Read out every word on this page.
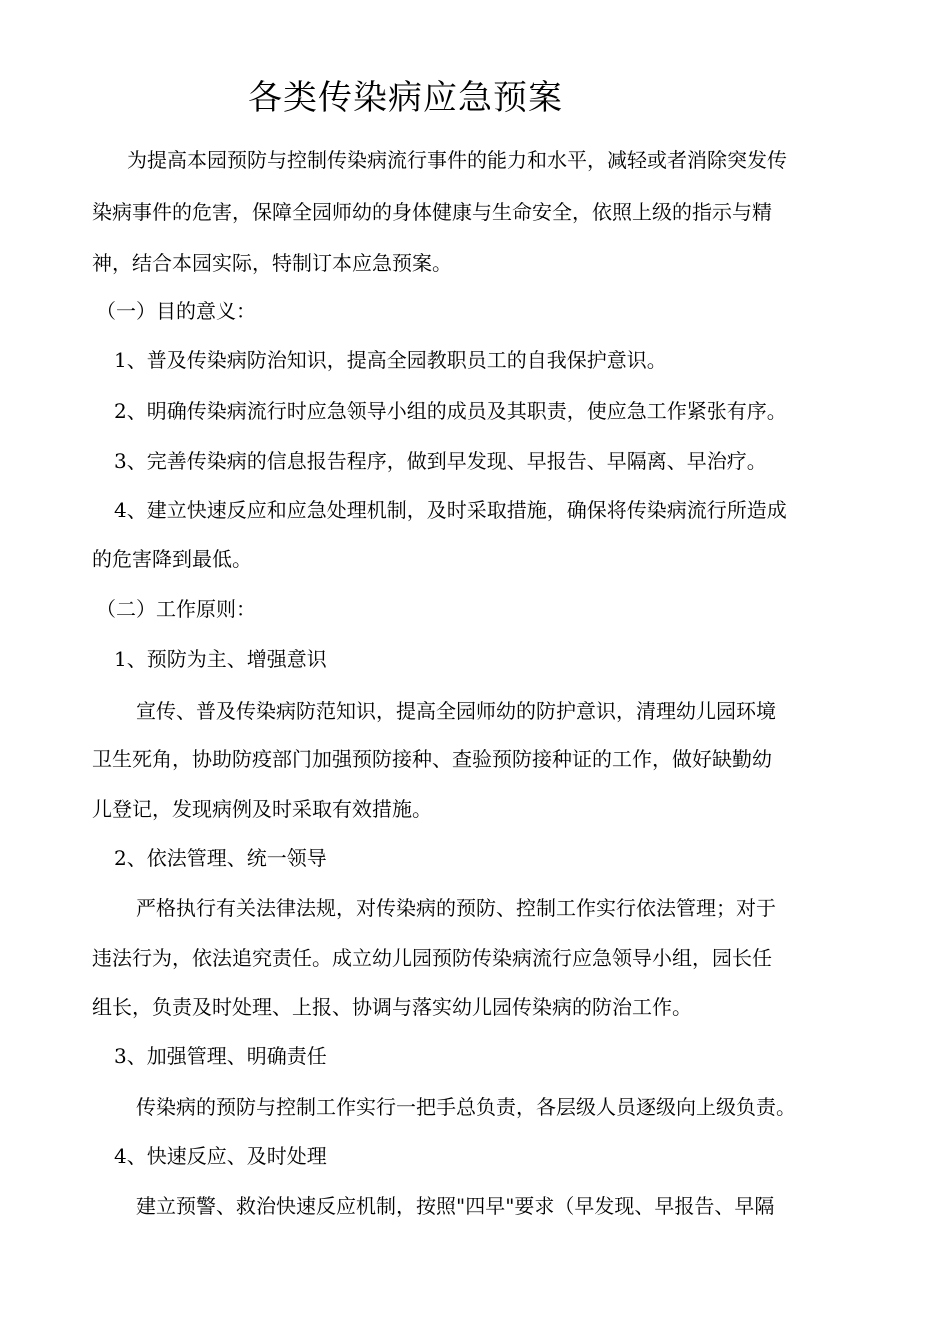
各类传染病应急预案
为提高本园预防与控制传染病流行事件的能力和水平，减轻或者消除突发传
染病事件的危害，保障全园师幼的身体健康与生命安全，依照上级的指示与精
神，结合本园实际，特制订本应急预案。
（一）目的意义：
1、普及传染病防治知识，提高全园教职员工的自我保护意识。
2、明确传染病流行时应急领导小组的成员及其职责，使应急工作紧张有序。
3、完善传染病的信息报告程序，做到早发现、早报告、早隔离、早治疗。
4、建立快速反应和应急处理机制，及时采取措施，确保将传染病流行所造成
的危害降到最低。
（二）工作原则：
1、预防为主、增强意识
宣传、普及传染病防范知识，提高全园师幼的防护意识，清理幼儿园环境
卫生死角，协助防疫部门加强预防接种、查验预防接种证的工作，做好缺勤幼
儿登记，发现病例及时采取有效措施。
2、依法管理、统一领导
严格执行有关法律法规，对传染病的预防、控制工作实行依法管理；对于
违法行为，依法追究责任。成立幼儿园预防传染病流行应急领导小组，园长任
组长，负责及时处理、上报、协调与落实幼儿园传染病的防治工作。
3、加强管理、明确责任
传染病的预防与控制工作实行一把手总负责，各层级人员逐级向上级负责。
4、快速反应、及时处理
建立预警、救治快速反应机制，按照"四早"要求（早发现、早报告、早隔
